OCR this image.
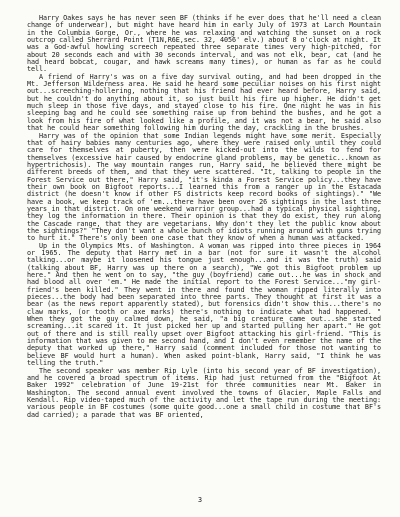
Harry Oakes says he has never seen BF (thinks if he ever does that he'll need a clean change of underwear), but might have heard him in early July of 1973 at Larch Mountain in the Columbia Gorge, Or., where he was relaxing and watching the sunset on a rock outcrop called Sherrard Point (T1N,R6E,sec. 32, 4056' elv.) about 8 o'clock at night. It was a God-awful howling screech repeated three separate times very high-pitched, for about 20 seconds each and with 30 seconds interval, and was not elk, bear, cat (and he had heard bobcat, cougar, and hawk screams many times), or human as far as he could tell.

A friend of Harry's was on a five day survival outing, and had been dropped in the Mt. Jefferson Wilderness area. He said he heard some peculiar noises on his first night out...screeching-hollering, nothing that his friend had ever heard before, Harry said, but he couldn't do anything about it, so just built his fire up higher. He didn't get much sleep in those five days, and stayed close to his fire. One night he was in his sleeping bag and he could see something raise up from behind the bushes, and he got a look from his fire of what looked like a profile, and it was not a bear, he said also that he could hear something following him during the day, crackling in the brushes.

Harry was of the opinion that some Indian legends might have some merit. Especially that of hairy babies many centuries ago, where they were raised only until they could care for themselves at puberty, then were kicked-out into the wilds to fend for themselves (excessive hair caused by endocrine gland problems, may be genetic...known as hypertrichosis). The way mountain ranges run, Harry said, he believed there might be different breeds of them, and that they were scattered. "It, talking to people in the Forest Service out there," Harry said, "it's kinda a Forest Service policy...they have their own book on Bigfoot reports...I learned this from a ranger up in the Estacada district (he doesn't know if other FS districts keep record books of sightings)." "We have a book, we keep track of 'em...there have been over 26 sightings in the last three years in that district. On one weekend warrior group...had a typical physical sighting, they log the information in there. Their opinion is that they do exist, they run along the Cascade range, that they are vegetarians. Why don't they let the public know about the sightings?" "They don't want a whole bunch of idiots running around with guns trying to hurt it." There's only been one case that they know of when a human was attacked.

Up in the Olympics Mts. of Washington. A woman was ripped into three pieces in 1964 or 1965. The deputy that Harry met in a bar (not for sure it wasn't the alcohol talking...or maybe it loosened his tongue just enough...and it was the truth) said (talking about BF, Harry was up there on a search), "We got this Bigfoot problem up here." And then he went on to say, "the guy (boyfriend) came out...he was in shock and had blood all over 'em." He made the initial report to the Forest Service..."my girl-friend's been killed." They went in there and found the woman ripped literally into pieces...the body had been separated into three parts. They thought at first it was a bear (as the news report apparently stated), but forensics didn't show this...there's no claw marks, (or tooth or axe marks) there's nothing to indicate what had happened. " When they got the guy calmed down, he said, "a big creature came out...she started screaming...it scared it. It just picked her up and started pulling her apart." He got out of there and is still really upset over Bigfoot attacking his girl-friend. "This is information that was given to me second hand, and I don't even remember the name of the deputy that worked up there," Harry said (comment included for those not wanting to believe BF would hurt a human). When asked point-blank, Harry said, "I think he was telling the truth."

The second speaker was member Rip Lyle (into his second year of BF investigation), and he covered a broad spectrum of items. Rip had just returned from the "Bigfoot At Baker 1992" celebration of June 19-21st for three communities near Mt. Baker in Washington. The second annual event involved the towns of Glacier, Maple Falls and Kendall. Rip video-taped much of the activity and let the tape run during the meeting: various people in BF costumes (some quite good...one a small child in costume that BF's dad carried); a parade that was BF oriented,

3
